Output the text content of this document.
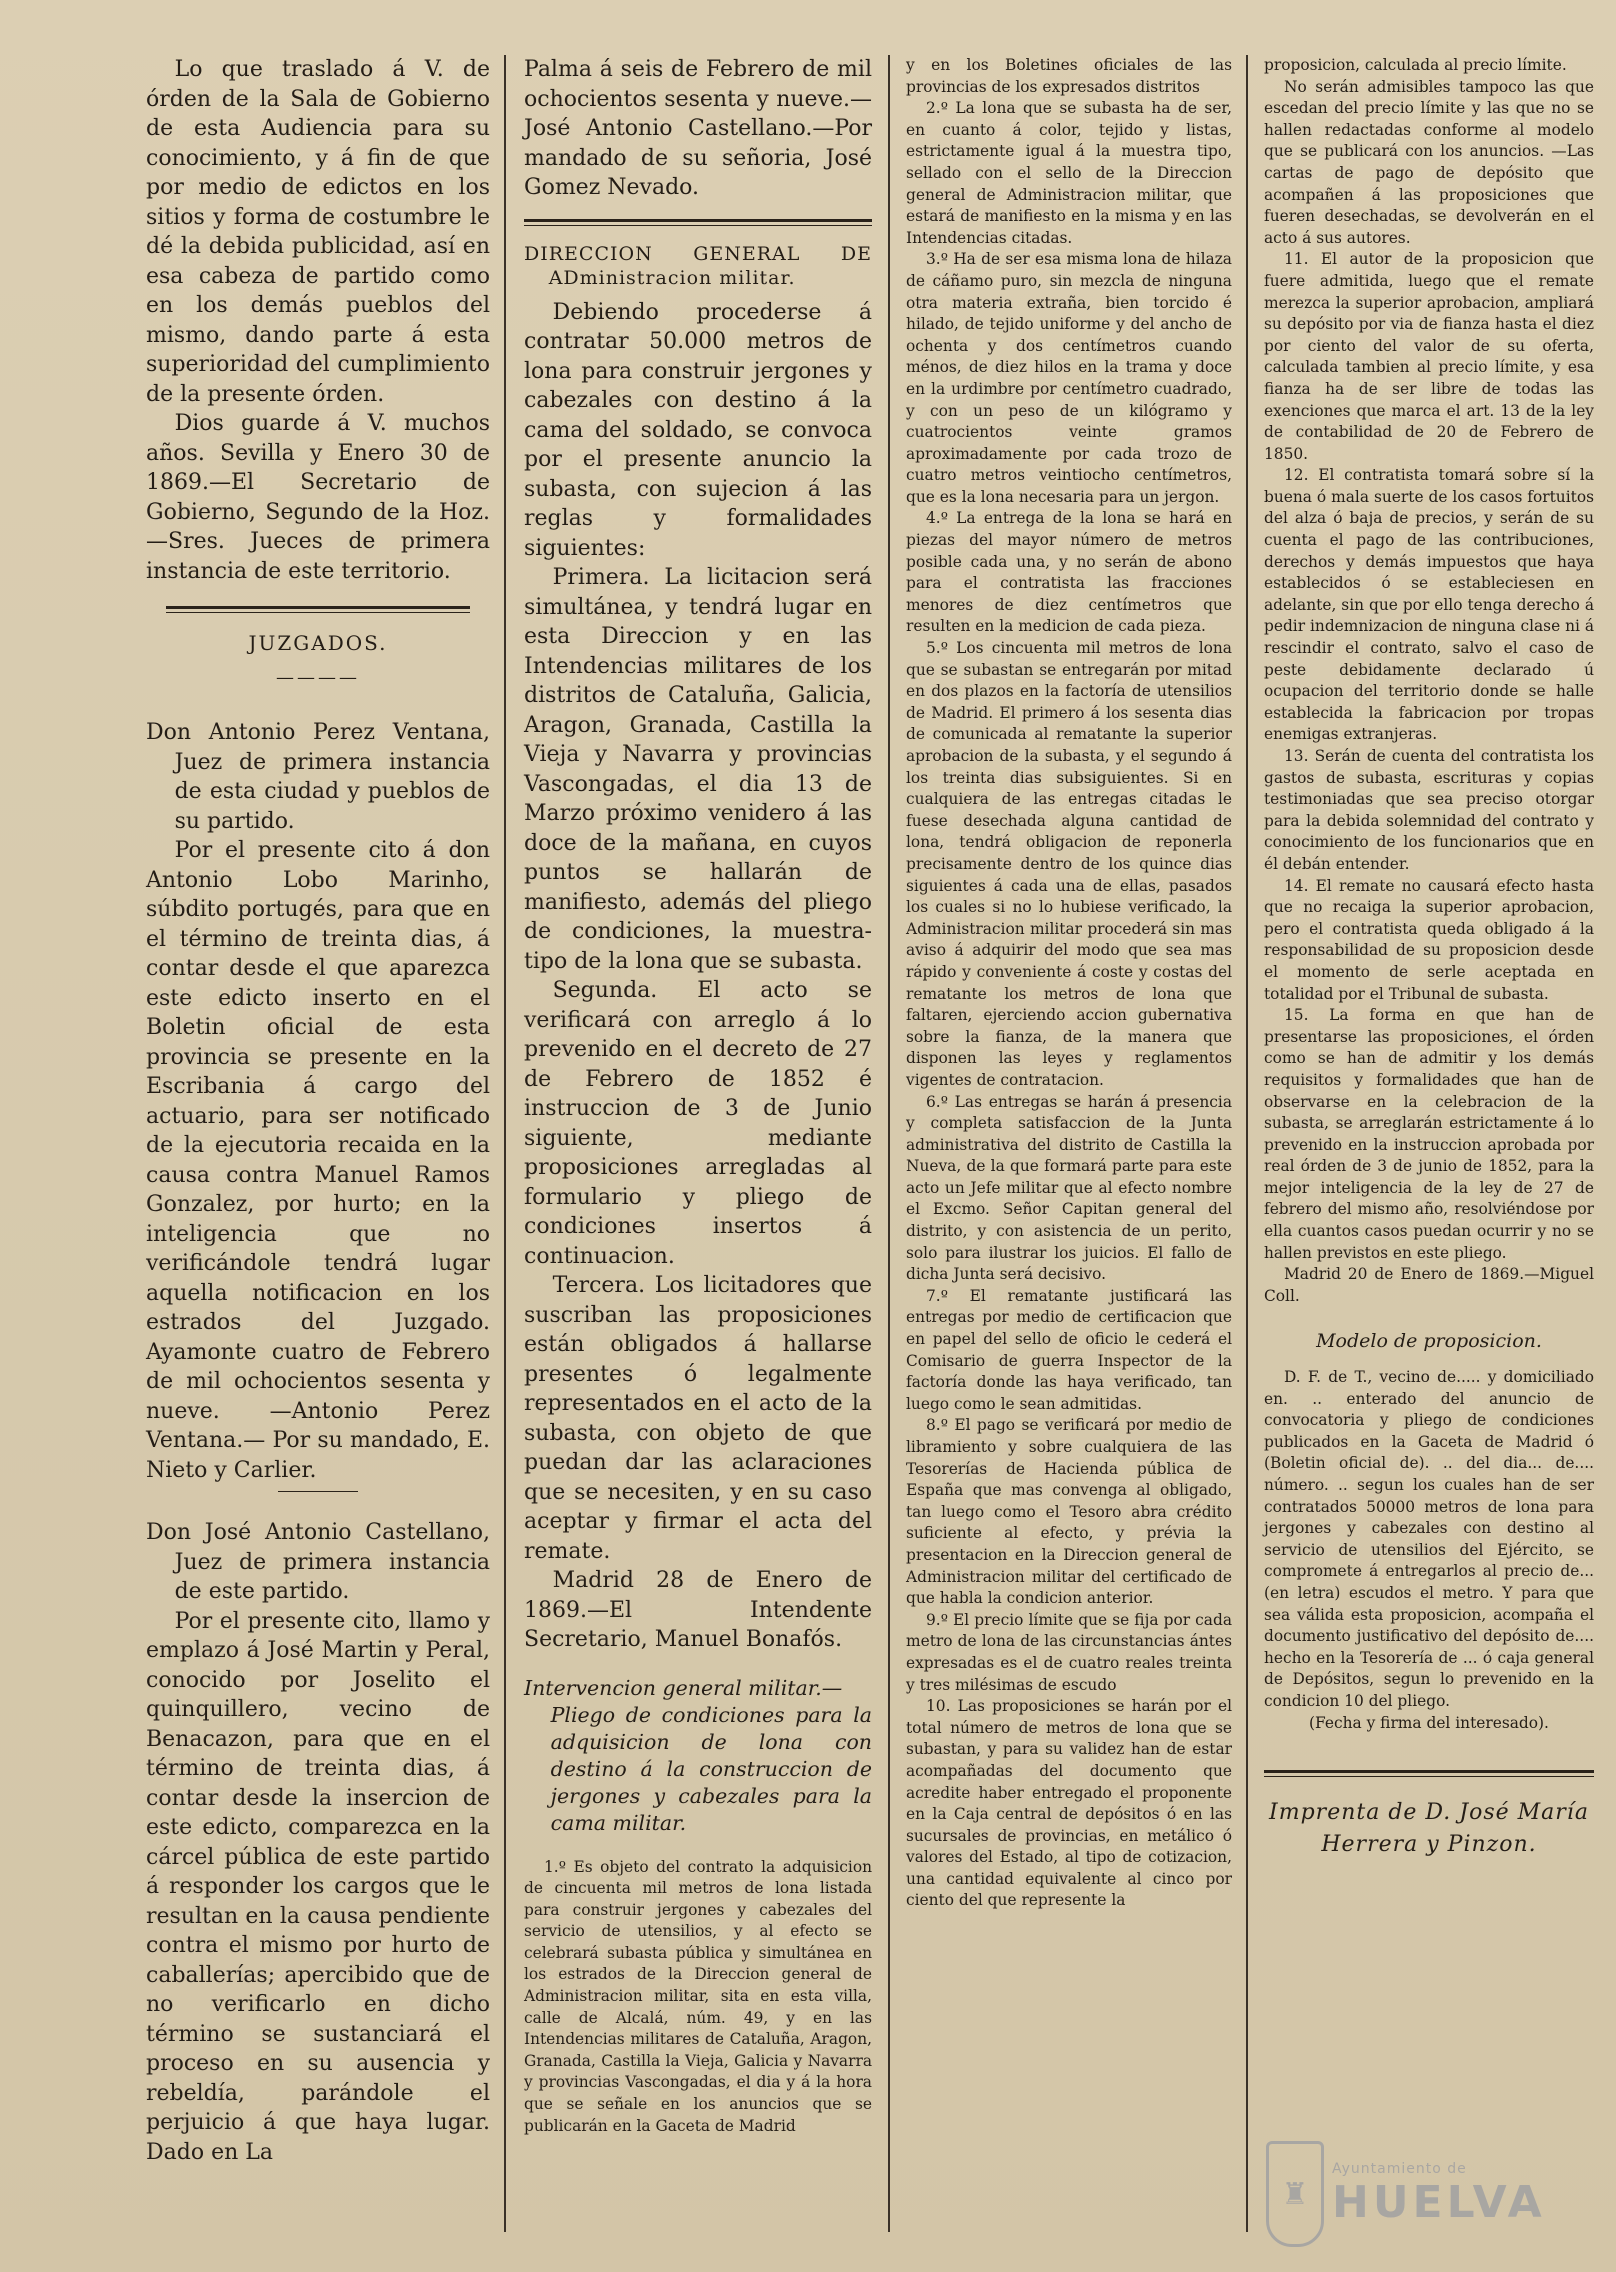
Lo que traslado á V. de órden de la Sala de Gobierno de esta Audiencia para su conocimiento, y á fin de que por medio de edictos en los sitios y forma de costumbre le dé la debida publicidad, así en esa cabeza de partido como en los demás pueblos del mismo, dando parte á esta superioridad del cumplimiento de la presente órden.

Dios guarde á V. muchos años. Sevilla y Enero 30 de 1869.—El Secretario de Gobierno, Segundo de la Hoz. —Sres. Jueces de primera instancia de este territorio.

JUZGADOS.
————

Don Antonio Perez Ventana, Juez de primera instancia de esta ciudad y pueblos de su partido.

Por el presente cito á don Antonio Lobo Marinho, súbdito portugés, para que en el término de treinta dias, á contar desde el que aparezca este edicto inserto en el Boletin oficial de esta provincia se presente en la Escribania á cargo del actuario, para ser notificado de la ejecutoria recaida en la causa contra Manuel Ramos Gonzalez, por hurto; en la inteligencia que no verificándole tendrá lugar aquella notificacion en los estrados del Juzgado. Ayamonte cuatro de Febrero de mil ochocientos sesenta y nueve. —Antonio Perez Ventana.— Por su mandado, E. Nieto y Carlier.

Don José Antonio Castellano, Juez de primera instancia de este partido.

Por el presente cito, llamo y emplazo á José Martin y Peral, conocido por Joselito el quinquillero, vecino de Benacazon, para que en el término de treinta dias, á contar desde la insercion de este edicto, comparezca en la cárcel pública de este partido á responder los cargos que le resultan en la causa pendiente contra el mismo por hurto de caballerías; apercibido que de no verificarlo en dicho término se sustanciará el proceso en su ausencia y rebeldía, parándole el perjuicio á que haya lugar. Dado en La

Palma á seis de Febrero de mil ochocientos sesenta y nueve.—José Antonio Castellano.—Por mandado de su señoria, José Gomez Nevado.

DIRECCION GENERAL DE ADministracion militar.

Debiendo procederse á contratar 50.000 metros de lona para construir jergones y cabezales con destino á la cama del soldado, se convoca por el presente anuncio la subasta, con sujecion á las reglas y formalidades siguientes:

Primera. La licitacion será simultánea, y tendrá lugar en esta Direccion y en las Intendencias militares de los distritos de Cataluña, Galicia, Aragon, Granada, Castilla la Vieja y Navarra y provincias Vascongadas, el dia 13 de Marzo próximo venidero á las doce de la mañana, en cuyos puntos se hallarán de manifiesto, además del pliego de condiciones, la muestra-tipo de la lona que se subasta.

Segunda. El acto se verificará con arreglo á lo prevenido en el decreto de 27 de Febrero de 1852 é instruccion de 3 de Junio siguiente, mediante proposiciones arregladas al formulario y pliego de condiciones insertos á continuacion.

Tercera. Los licitadores que suscriban las proposiciones están obligados á hallarse presentes ó legalmente representados en el acto de la subasta, con objeto de que puedan dar las aclaraciones que se necesiten, y en su caso aceptar y firmar el acta del remate.

Madrid 28 de Enero de 1869.—El Intendente Secretario, Manuel Bonafós.

Intervencion general militar.—

Pliego de condiciones para la adquisicion de lona con destino á la construccion de jergones y cabezales para la cama militar.

1.º Es objeto del contrato la adquisicion de cincuenta mil metros de lona listada para construir jergones y cabezales del servicio de utensilios, y al efecto se celebrará subasta pública y simultánea en los estrados de la Direccion general de Administracion militar, sita en esta villa, calle de Alcalá, núm. 49, y en las Intendencias militares de Cataluña, Aragon, Granada, Castilla la Vieja, Galicia y Navarra y provincias Vascongadas, el dia y á la hora que se señale en los anuncios que se publicarán en la Gaceta de Madrid

y en los Boletines oficiales de las provincias de los expresados distritos

2.º La lona que se subasta ha de ser, en cuanto á color, tejido y listas, estrictamente igual á la muestra tipo, sellado con el sello de la Direccion general de Administracion militar, que estará de manifiesto en la misma y en las Intendencias citadas.

3.º Ha de ser esa misma lona de hilaza de cáñamo puro, sin mezcla de ninguna otra materia extraña, bien torcido é hilado, de tejido uniforme y del ancho de ochenta y dos centímetros cuando ménos, de diez hilos en la trama y doce en la urdimbre por centímetro cuadrado, y con un peso de un kilógramo y cuatrocientos veinte gramos aproximadamente por cada trozo de cuatro metros veintiocho centímetros, que es la lona necesaria para un jergon.

4.º La entrega de la lona se hará en piezas del mayor número de metros posible cada una, y no serán de abono para el contratista las fracciones menores de diez centímetros que resulten en la medicion de cada pieza.

5.º Los cincuenta mil metros de lona que se subastan se entregarán por mitad en dos plazos en la factoría de utensilios de Madrid. El primero á los sesenta dias de comunicada al rematante la superior aprobacion de la subasta, y el segundo á los treinta dias subsiguientes. Si en cualquiera de las entregas citadas le fuese desechada alguna cantidad de lona, tendrá obligacion de reponerla precisamente dentro de los quince dias siguientes á cada una de ellas, pasados los cuales si no lo hubiese verificado, la Administracion militar procederá sin mas aviso á adquirir del modo que sea mas rápido y conveniente á coste y costas del rematante los metros de lona que faltaren, ejerciendo accion gubernativa sobre la fianza, de la manera que disponen las leyes y reglamentos vigentes de contratacion.

6.º Las entregas se harán á presencia y completa satisfaccion de la Junta administrativa del distrito de Castilla la Nueva, de la que formará parte para este acto un Jefe militar que al efecto nombre el Excmo. Señor Capitan general del distrito, y con asistencia de un perito, solo para ilustrar los juicios. El fallo de dicha Junta será decisivo.

7.º El rematante justificará las entregas por medio de certificacion que en papel del sello de oficio le cederá el Comisario de guerra Inspector de la factoría donde las haya verificado, tan luego como le sean admitidas.

8.º El pago se verificará por medio de libramiento y sobre cualquiera de las Tesorerías de Hacienda pública de España que mas convenga al obligado, tan luego como el Tesoro abra crédito suficiente al efecto, y prévia la presentacion en la Direccion general de Administracion militar del certificado de que habla la condicion anterior.

9.º El precio límite que se fija por cada metro de lona de las circunstancias ántes expresadas es el de cuatro reales treinta y tres milésimas de escudo

10. Las proposiciones se harán por el total número de metros de lona que se subastan, y para su validez han de estar acompañadas del documento que acredite haber entregado el proponente en la Caja central de depósitos ó en las sucursales de provincias, en metálico ó valores del Estado, al tipo de cotizacion, una cantidad equivalente al cinco por ciento del que represente la

proposicion, calculada al precio límite.

No serán admisibles tampoco las que escedan del precio límite y las que no se hallen redactadas conforme al modelo que se publicará con los anuncios. —Las cartas de pago de depósito que acompañen á las proposiciones que fueren desechadas, se devolverán en el acto á sus autores.

11. El autor de la proposicion que fuere admitida, luego que el remate merezca la superior aprobacion, ampliará su depósito por via de fianza hasta el diez por ciento del valor de su oferta, calculada tambien al precio límite, y esa fianza ha de ser libre de todas las exenciones que marca el art. 13 de la ley de contabilidad de 20 de Febrero de 1850.

12. El contratista tomará sobre sí la buena ó mala suerte de los casos fortuitos del alza ó baja de precios, y serán de su cuenta el pago de las contribuciones, derechos y demás impuestos que haya establecidos ó se estableciesen en adelante, sin que por ello tenga derecho á pedir indemnizacion de ninguna clase ni á rescindir el contrato, salvo el caso de peste debidamente declarado ú ocupacion del territorio donde se halle establecida la fabricacion por tropas enemigas extranjeras.

13. Serán de cuenta del contratista los gastos de subasta, escrituras y copias testimoniadas que sea preciso otorgar para la debida solemnidad del contrato y conocimiento de los funcionarios que en él debán entender.

14. El remate no causará efecto hasta que no recaiga la superior aprobacion, pero el contratista queda obligado á la responsabilidad de su proposicion desde el momento de serle aceptada en totalidad por el Tribunal de subasta.

15. La forma en que han de presentarse las proposiciones, el órden como se han de admitir y los demás requisitos y formalidades que han de observarse en la celebracion de la subasta, se arreglarán estrictamente á lo prevenido en la instruccion aprobada por real órden de 3 de junio de 1852, para la mejor inteligencia de la ley de 27 de febrero del mismo año, resolviéndose por ella cuantos casos puedan ocurrir y no se hallen previstos en este pliego.

Madrid 20 de Enero de 1869.—Miguel Coll.

Modelo de proposicion.

D. F. de T., vecino de..... y domiciliado en. .. enterado del anuncio de convocatoria y pliego de condiciones publicados en la Gaceta de Madrid ó (Boletin oficial de). .. del dia... de.... número. .. segun los cuales han de ser contratados 50000 metros de lona para jergones y cabezales con destino al servicio de utensilios del Ejército, se compromete á entregarlos al precio de... (en letra) escudos el metro. Y para que sea válida esta proposicion, acompaña el documento justificativo del depósito de.... hecho en la Tesorería de ... ó caja general de Depósitos, segun lo prevenido en la condicion 10 del pliego.

(Fecha y firma del interesado).

Imprenta de D. José María
Herrera y Pinzon.
♜
Ayuntamiento de
HUELVA
